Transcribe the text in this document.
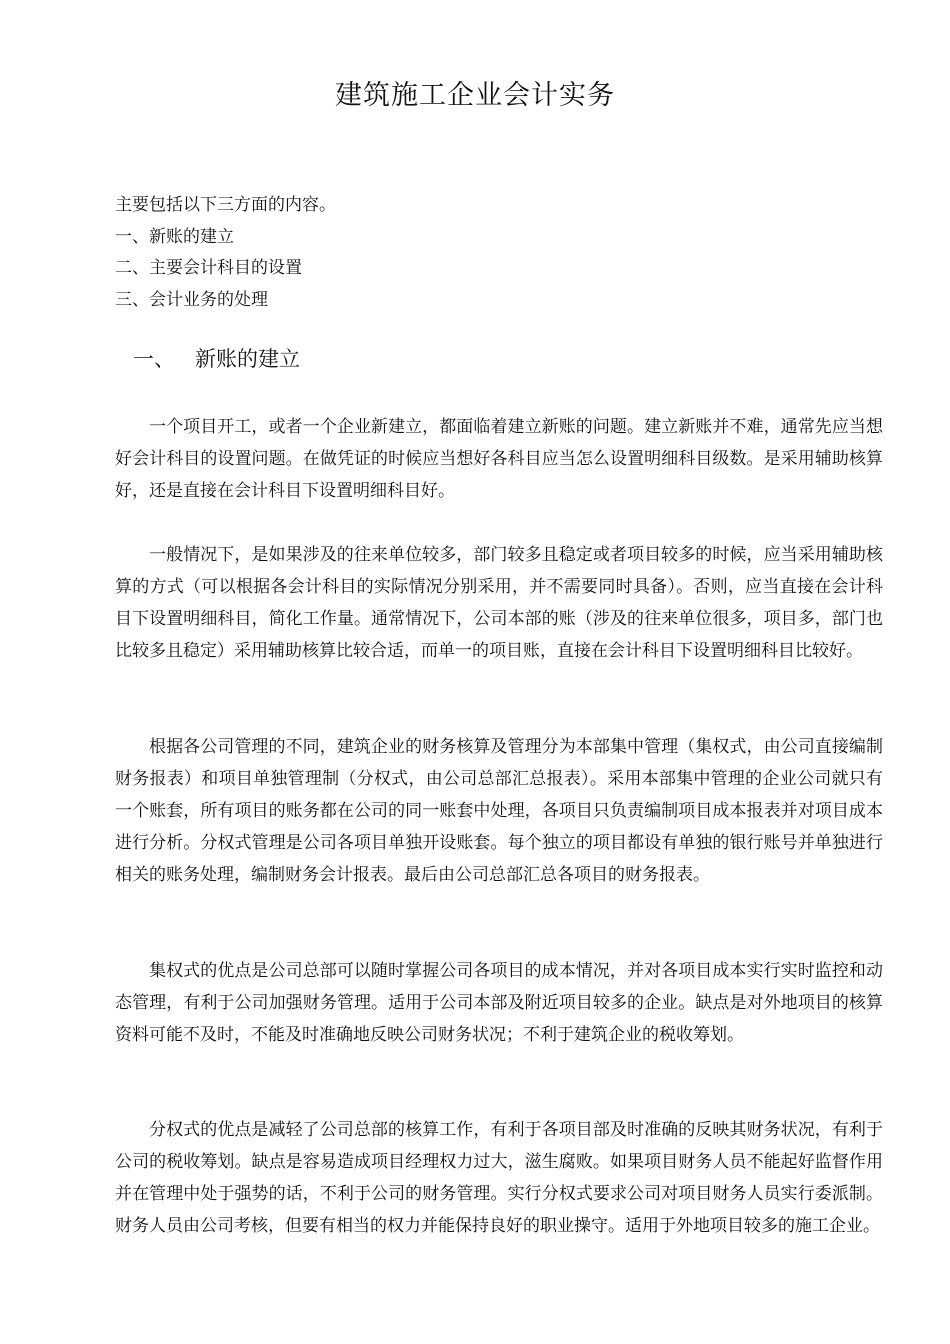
建筑施工企业会计实务
主要包括以下三方面的内容。
一、新账的建立
二、主要会计科目的设置
三、会计业务的处理
一、 新账的建立

一个项目开工，或者一个企业新建立，都面临着建立新账的问题。建立新账并不难，通常先应当想好会计科目的设置问题。在做凭证的时候应当想好各科目应当怎么设置明细科目级数。是采用辅助核算好，还是直接在会计科目下设置明细科目好。

一般情况下，是如果涉及的往来单位较多，部门较多且稳定或者项目较多的时候，应当采用辅助核算的方式（可以根据各会计科目的实际情况分别采用，并不需要同时具备）。否则，应当直接在会计科目下设置明细科目，简化工作量。通常情况下，公司本部的账（涉及的往来单位很多，项目多，部门也比较多且稳定）采用辅助核算比较合适，而单一的项目账，直接在会计科目下设置明细科目比较好。

根据各公司管理的不同，建筑企业的财务核算及管理分为本部集中管理（集权式，由公司直接编制财务报表）和项目单独管理制（分权式，由公司总部汇总报表）。采用本部集中管理的企业公司就只有一个账套，所有项目的账务都在公司的同一账套中处理，各项目只负责编制项目成本报表并对项目成本进行分析。分权式管理是公司各项目单独开设账套。每个独立的项目都设有单独的银行账号并单独进行相关的账务处理，编制财务会计报表。最后由公司总部汇总各项目的财务报表。

集权式的优点是公司总部可以随时掌握公司各项目的成本情况，并对各项目成本实行实时监控和动态管理，有利于公司加强财务管理。适用于公司本部及附近项目较多的企业。缺点是对外地项目的核算资料可能不及时，不能及时准确地反映公司财务状况；不利于建筑企业的税收筹划。

分权式的优点是减轻了公司总部的核算工作，有利于各项目部及时准确的反映其财务状况，有利于公司的税收筹划。缺点是容易造成项目经理权力过大，滋生腐败。如果项目财务人员不能起好监督作用并在管理中处于强势的话，不利于公司的财务管理。实行分权式要求公司对项目财务人员实行委派制。财务人员由公司考核，但要有相当的权力并能保持良好的职业操守。适用于外地项目较多的施工企业。
